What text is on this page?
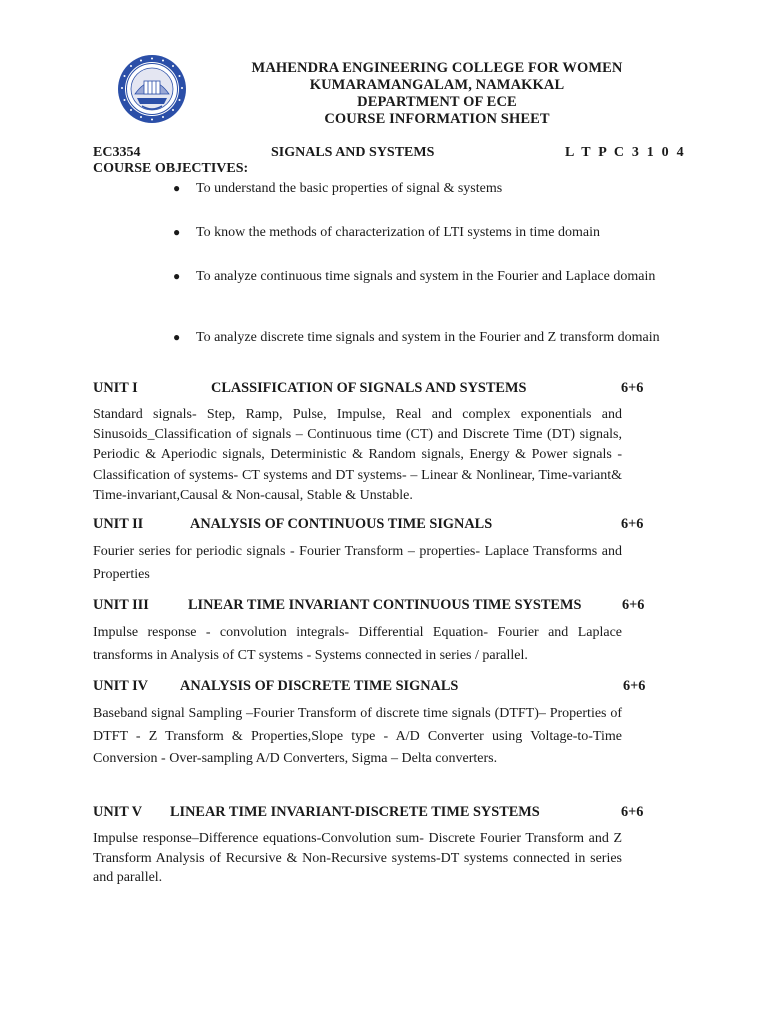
MAHENDRA ENGINEERING COLLEGE FOR WOMEN
KUMARAMANGALAM, NAMAKKAL
DEPARTMENT OF ECE
COURSE INFORMATION SHEET
EC3354	SIGNALS AND SYSTEMS	L T P C 3 1 0 4
COURSE OBJECTIVES:
● To understand the basic properties of signal & systems
● To know the methods of characterization of LTI systems in time domain
● To analyze continuous time signals and system in the Fourier and Laplace domain
● To analyze discrete time signals and system in the Fourier and Z transform domain
UNIT I	CLASSIFICATION OF SIGNALS AND SYSTEMS	6+6
Standard signals- Step, Ramp, Pulse, Impulse, Real and complex exponentials and Sinusoids_Classification of signals – Continuous time (CT) and Discrete Time (DT) signals, Periodic & Aperiodic signals, Deterministic & Random signals, Energy & Power signals - Classification of systems- CT systems and DT systems- – Linear & Nonlinear, Time-variant& Time-invariant,Causal & Non-causal, Stable & Unstable.
UNIT II	ANALYSIS OF CONTINUOUS TIME SIGNALS	6+6
Fourier series for periodic signals - Fourier Transform – properties- Laplace Transforms and Properties
UNIT III	LINEAR TIME INVARIANT CONTINUOUS TIME SYSTEMS	6+6
Impulse response - convolution integrals- Differential Equation- Fourier and Laplace transforms in Analysis of CT systems - Systems connected in series / parallel.
UNIT IV ANALYSIS OF DISCRETE TIME SIGNALS	6+6
Baseband signal Sampling –Fourier Transform of discrete time signals (DTFT)– Properties of DTFT - Z Transform & Properties,Slope type - A/D Converter using Voltage-to-Time Conversion - Over-sampling A/D Converters, Sigma – Delta converters.
UNIT V LINEAR TIME INVARIANT-DISCRETE TIME SYSTEMS	6+6
Impulse response–Difference equations-Convolution sum- Discrete Fourier Transform and Z Transform Analysis of Recursive & Non-Recursive systems-DT systems connected in series and parallel.
